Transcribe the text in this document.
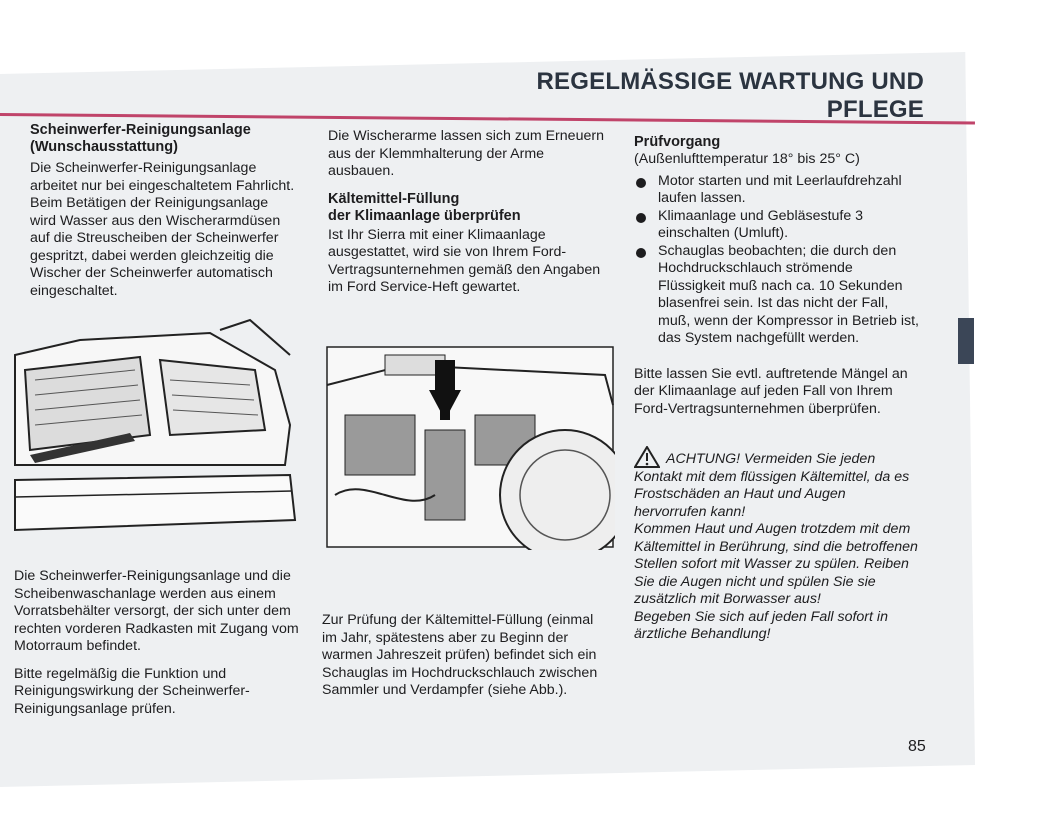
REGELMÄSSIGE WARTUNG UND PFLEGE

Scheinwerfer-Reinigungsanlage

(Wunschausstattung)

Die Scheinwerfer-Reinigungsanlage arbeitet nur bei eingeschaltetem Fahrlicht. Beim Betätigen der Reinigungsanlage wird Wasser aus den Wischerarmdüsen auf die Streuscheiben der Scheinwerfer gespritzt, dabei werden gleichzeitig die Wischer der Scheinwerfer automatisch eingeschaltet.

Die Scheinwerfer-Reinigungsanlage und die Scheibenwaschanlage werden aus einem Vorratsbehälter versorgt, der sich unter dem rechten vorderen Radkasten mit Zugang vom Motorraum befindet.

Bitte regelmäßig die Funktion und Reinigungswirkung der Scheinwerfer-Reinigungsanlage prüfen.

Die Wischerarme lassen sich zum Erneuern aus der Klemmhalterung der Arme ausbauen.

Kältemittel-Füllung

der Klimaanlage überprüfen

Ist Ihr Sierra mit einer Klimaanlage ausgestattet, wird sie von Ihrem Ford-Vertragsunternehmen gemäß den Angaben im Ford Service-Heft gewartet.

Zur Prüfung der Kältemittel-Füllung (einmal im Jahr, spätestens aber zu Beginn der warmen Jahreszeit prüfen) befindet sich ein Schauglas im Hochdruckschlauch zwischen Sammler und Verdampfer (siehe Abb.).

Prüfvorgang

(Außenlufttemperatur 18° bis 25° C)

Motor starten und mit Leerlaufdrehzahl laufen lassen.
Klimaanlage und Gebläsestufe 3 einschalten (Umluft).
Schauglas beobachten; die durch den Hochdruckschlauch strömende Flüssigkeit muß nach ca. 10 Sekunden blasenfrei sein. Ist das nicht der Fall, muß, wenn der Kompressor in Betrieb ist, das System nachgefüllt werden.

Bitte lassen Sie evtl. auftretende Mängel an der Klimaanlage auf jeden Fall von Ihrem Ford-Vertragsunternehmen überprüfen.

ACHTUNG! Vermeiden Sie jeden Kontakt mit dem flüssigen Kältemittel, da es Frostschäden an Haut und Augen hervorrufen kann!

Kommen Haut und Augen trotzdem mit dem Kältemittel in Berührung, sind die betroffenen Stellen sofort mit Wasser zu spülen. Reiben Sie die Augen nicht und spülen Sie sie zusätzlich mit Borwasser aus!

Begeben Sie sich auf jeden Fall sofort in ärztliche Behandlung!

85
